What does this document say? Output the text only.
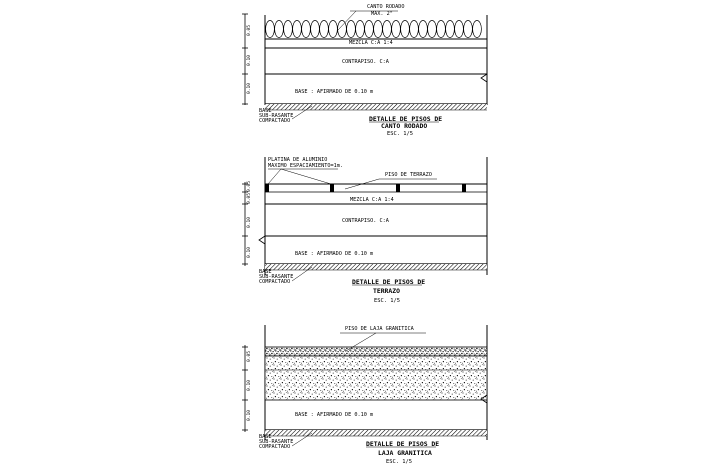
0.05
0.10
0.10
CANTO RODADO
MAX. 2"
MEZCLA C:A 1:4
CONTRAPISO. C:A
BASE : AFIRMADO DE 0.10 m
BASE
SUB-RASANTE
COMPACTADO	DETALLE DE PISOS DE
CANTO RODADO
ESC. 1/5
0.05
0.05
0.10
0.10
PLATINA DE ALUMINIO
MAXIMO ESPACIAMIENTO=1m.
PISO DE TERRAZO
MEZCLA C:A 1:4
CONTRAPISO. C:A
BASE : AFIRMADO DE 0.10 m
BASE
SUB-RASANTE
COMPACTADO	DETALLE DE PISOS DE
TERRAZO
ESC. 1/5
0.05
0.10
0.10
PISO DE LAJA GRANITICA
BASE : AFIRMADO DE 0.10 m
BASE
SUB-RASANTE
COMPACTADO	DETALLE DE PISOS DE
LAJA GRANITICA
ESC. 1/5
